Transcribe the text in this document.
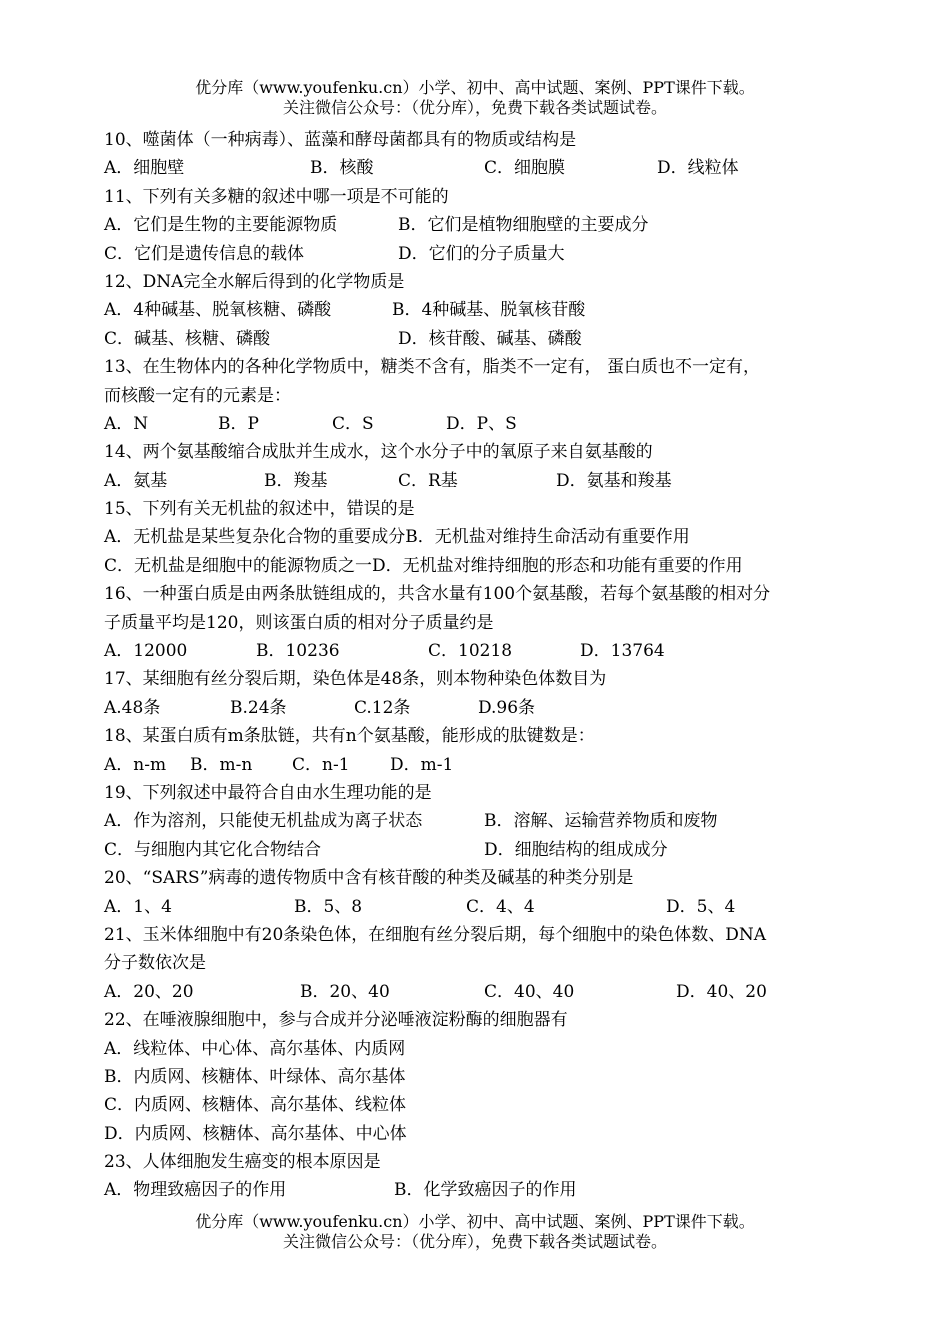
优分库（www.youfenku.cn）小学、初中、高中试题、案例、PPT课件下载。
关注微信公众号：（优分库），免费下载各类试题试卷。
10、噬菌体（一种病毒）、蓝藻和酵母菌都具有的物质或结构是
A．细胞壁	B．核酸	C．细胞膜	D．线粒体
11、下列有关多糖的叙述中哪一项是不可能的
A．它们是生物的主要能源物质	B．它们是植物细胞壁的主要成分
C．它们是遗传信息的载体	D．它们的分子质量大
12、DNA完全水解后得到的化学物质是
A．4种碱基、脱氧核糖、磷酸	B．4种碱基、脱氧核苷酸
C．碱基、核糖、磷酸	D．核苷酸、碱基、磷酸
13、在生物体内的各种化学物质中，糖类不含有，脂类不一定有， 蛋白质也不一定有，
而核酸一定有的元素是：
A．N	B．P	C．S	D．P、S
14、两个氨基酸缩合成肽并生成水，这个水分子中的氧原子来自氨基酸的
A．氨基	B．羧基	C．R基	D．氨基和羧基
15、下列有关无机盐的叙述中，错误的是
A．无机盐是某些复杂化合物的重要成分B．无机盐对维持生命活动有重要作用
C．无机盐是细胞中的能源物质之一D．无机盐对维持细胞的形态和功能有重要的作用
16、一种蛋白质是由两条肽链组成的，共含水量有100个氨基酸，若每个氨基酸的相对分
子质量平均是120，则该蛋白质的相对分子质量约是
A．12000	B．10236	C．10218	D．13764
17、某细胞有丝分裂后期，染色体是48条，则本物种染色体数目为
A.48条	B.24条	C.12条	D.96条
18、某蛋白质有m条肽链，共有n个氨基酸，能形成的肽键数是：
A．n-m B．m-n C．n-1 D．m-1
19、下列叙述中最符合自由水生理功能的是
A．作为溶剂，只能使无机盐成为离子状态	B．溶解、运输营养物质和废物
C．与细胞内其它化合物结合	D．细胞结构的组成成分
20、“SARS”病毒的遗传物质中含有核苷酸的种类及碱基的种类分别是
A．1、4	B．5、8	C．4、4	D．5、4
21、玉米体细胞中有20条染色体，在细胞有丝分裂后期，每个细胞中的染色体数、DNA
分子数依次是
A．20、20	B．20、40	C．40、40	D．40、20
22、在唾液腺细胞中，参与合成并分泌唾液淀粉酶的细胞器有
A．线粒体、中心体、高尔基体、内质网
B．内质网、核糖体、叶绿体、高尔基体
C．内质网、核糖体、高尔基体、线粒体
D．内质网、核糖体、高尔基体、中心体
23、人体细胞发生癌变的根本原因是
A．物理致癌因子的作用	B．化学致癌因子的作用
优分库（www.youfenku.cn）小学、初中、高中试题、案例、PPT课件下载。
关注微信公众号：（优分库），免费下载各类试题试卷。
